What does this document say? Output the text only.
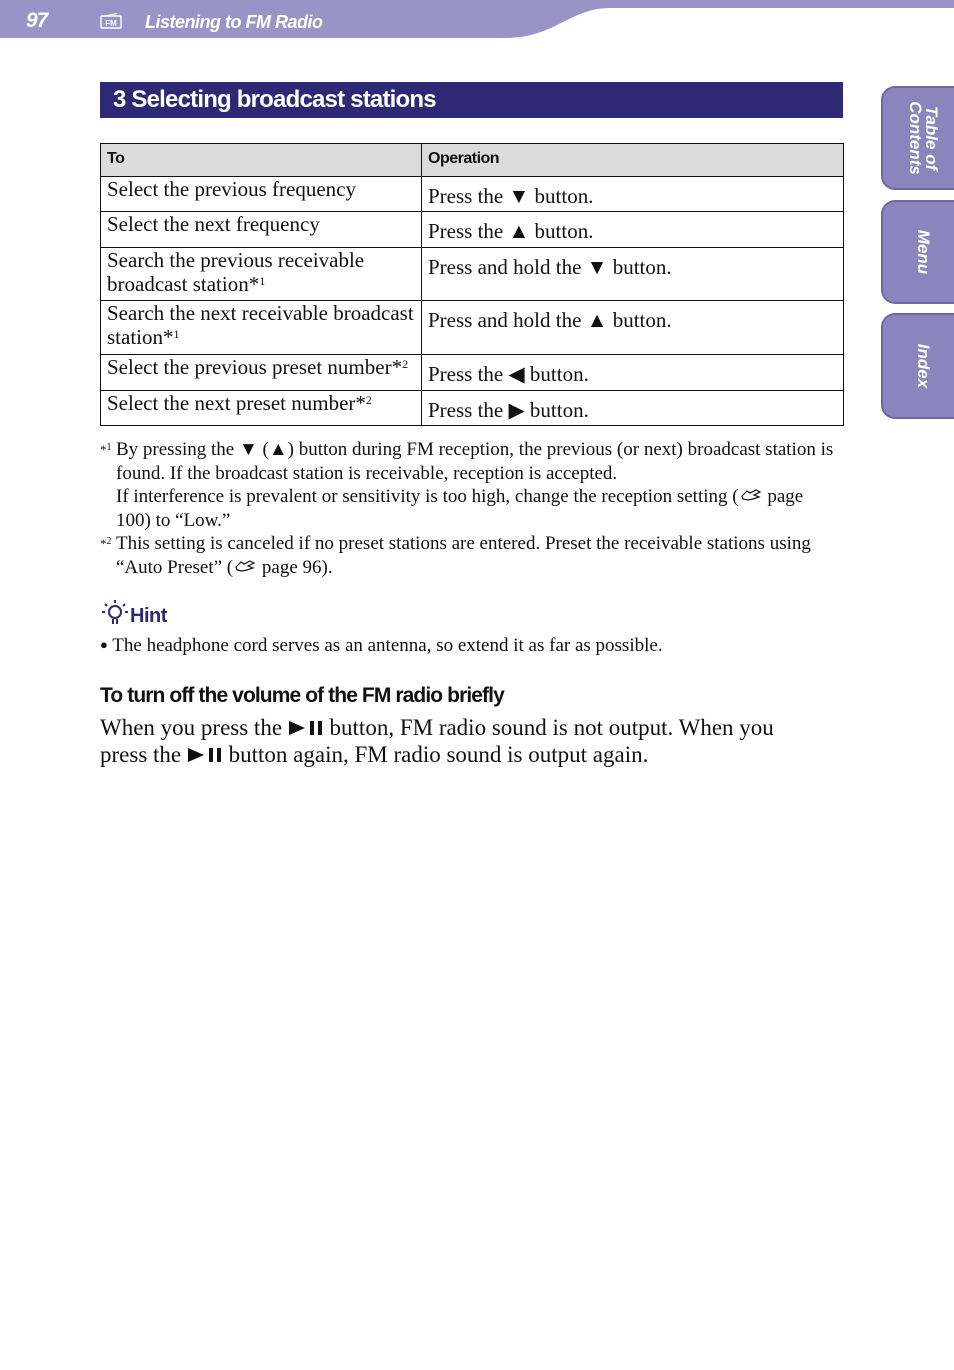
97	FM Listening to FM Radio
Table of
Contents
Menu
Index
3 Selecting broadcast stations
To	Operation
Select the previous frequency	Press the ▼ button.
Select the next frequency	Press the ▲ button.
Search the previous receivable broadcast station*$^1$	Press and hold the ▼ button.
Search the next receivable broadcast station*$^1$	Press and hold the ▲ button.
Select the previous preset number*$^2$	Press the ◀ button.
Select the next preset number*$^2$	Press the ▶ button.
*$^1$ By pressing the ▼ (▲) button during FM reception, the previous (or next) broadcast station is found. If the broadcast station is receivable, reception is accepted.
If interference is prevalent or sensitivity is too high, change the reception setting ( page 100) to “Low.”
*$^2$ This setting is canceled if no preset stations are entered. Preset the receivable stations using “Auto Preset” ( page 96).
Hint
● The headphone cord serves as an antenna, so extend it as far as possible.
To turn off the volume of the FM radio briefly
When you press the  button, FM radio sound is not output. When you press the  button again, FM radio sound is output again.
